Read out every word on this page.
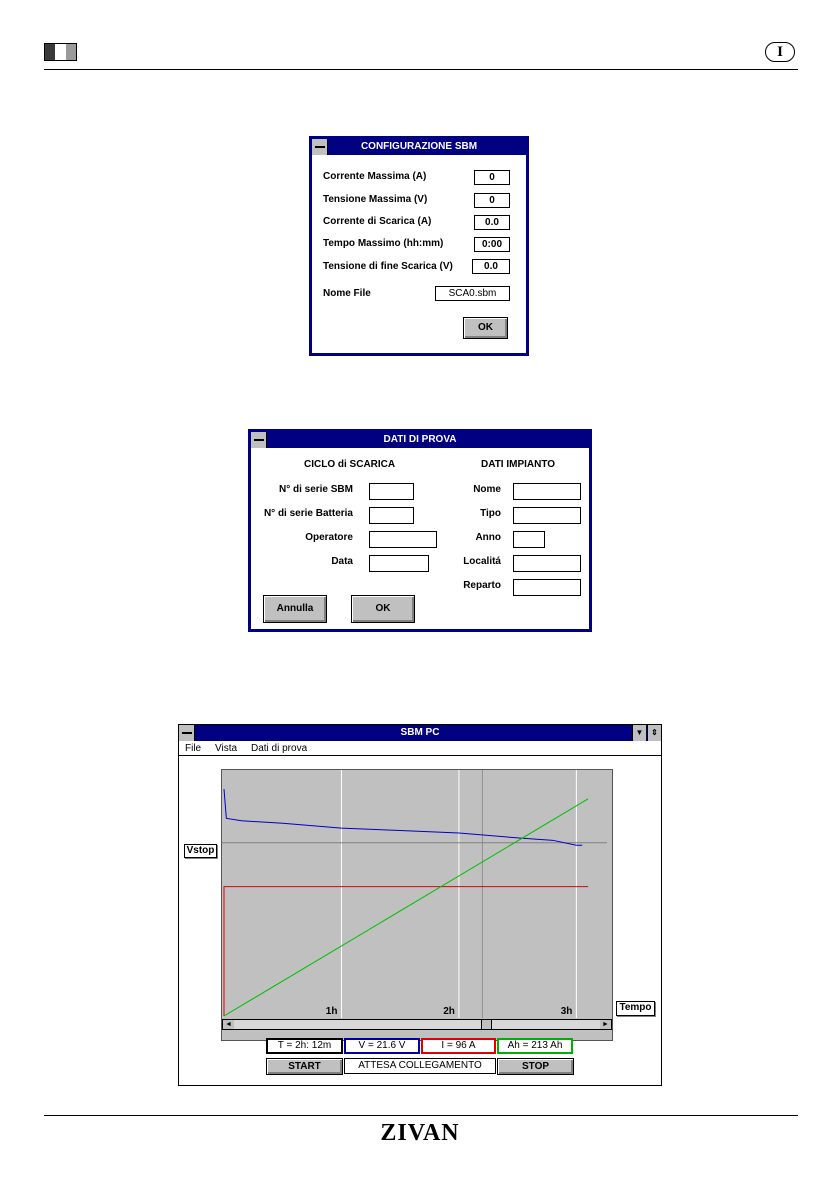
I
CONFIGURAZIONE SBM
Corrente Massima (A)	0
Tensione Massima (V)	0
Corrente di Scarica (A)	0.0
Tempo Massimo (hh:mm)	0:00
Tensione di fine Scarica (V)	0.0
Nome File	SCA0.sbm
OK
DATI DI PROVA
CICLO di SCARICA	DATI IMPIANTO
N° di serie SBM
N° di serie Batteria
Operatore
Data
Nome
Tipo
Anno
Localitá
Reparto
Annulla	OK
SBM PC	▼ ⇕
File Vista Dati di prova
1h	2h	3h
◄	►
Vstop
Tempo
T = 2h: 12m	V = 21.6 V	I = 96 A	Ah = 213 Ah
START	ATTESA COLLEGAMENTO	STOP
ZIVAN
